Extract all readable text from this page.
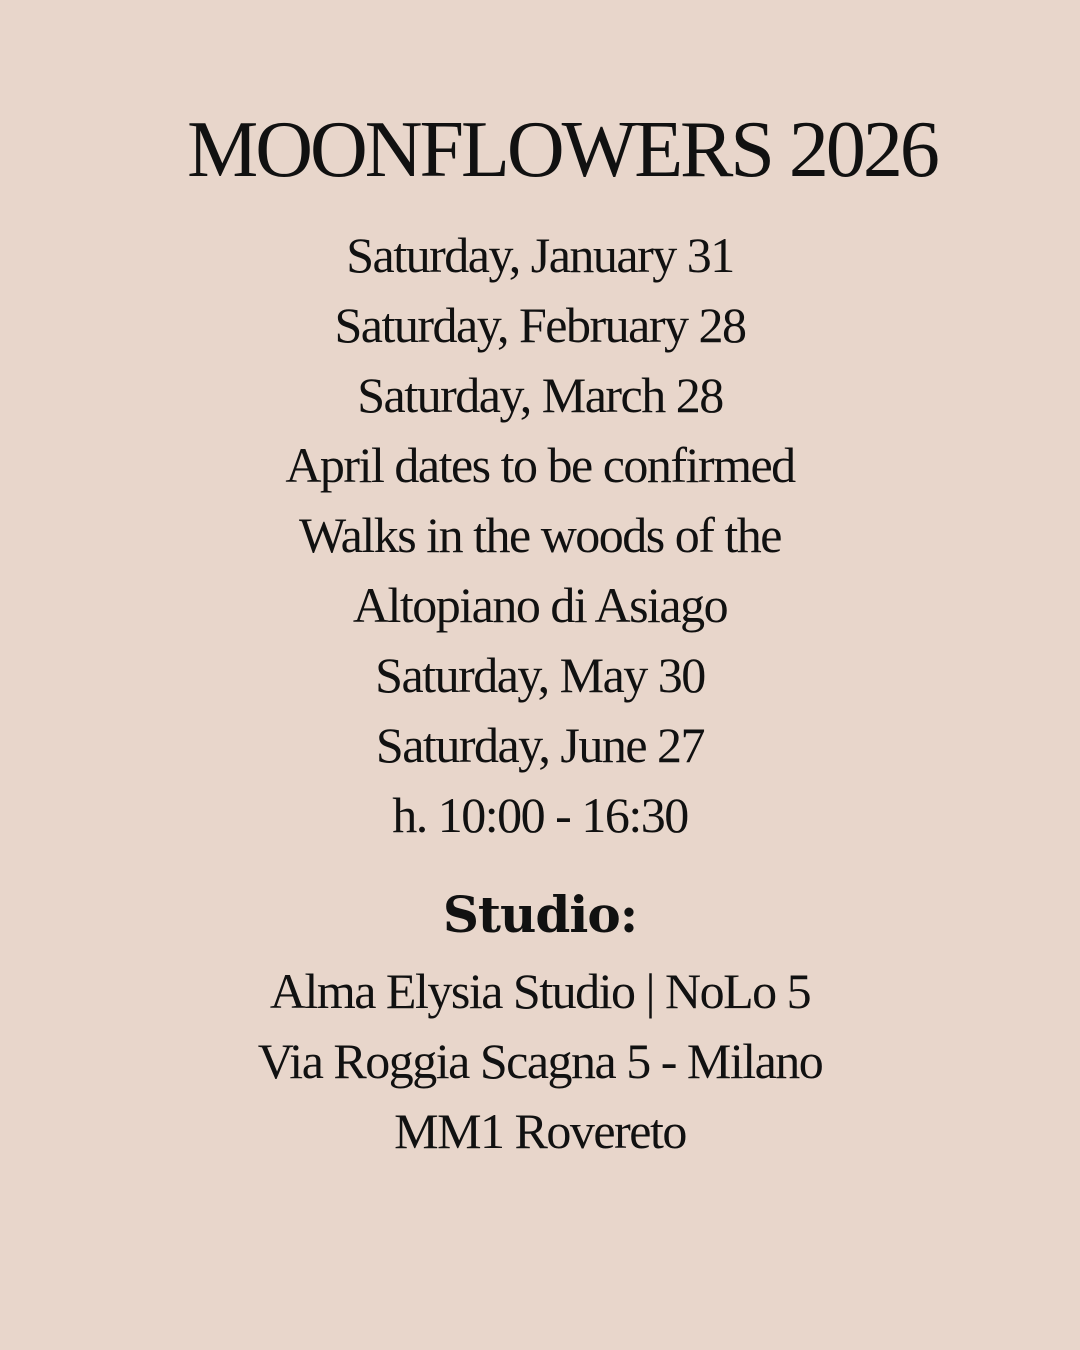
MOONFLOWERS 2026
Saturday, January 31
Saturday, February 28
Saturday, March 28
April dates to be confirmed
Walks in the woods of the
Altopiano di Asiago
Saturday, May 30
Saturday, June 27
h. 10:00 - 16:30
Studio:
Alma Elysia Studio | NoLo 5
Via Roggia Scagna 5 - Milano
MM1 Rovereto
